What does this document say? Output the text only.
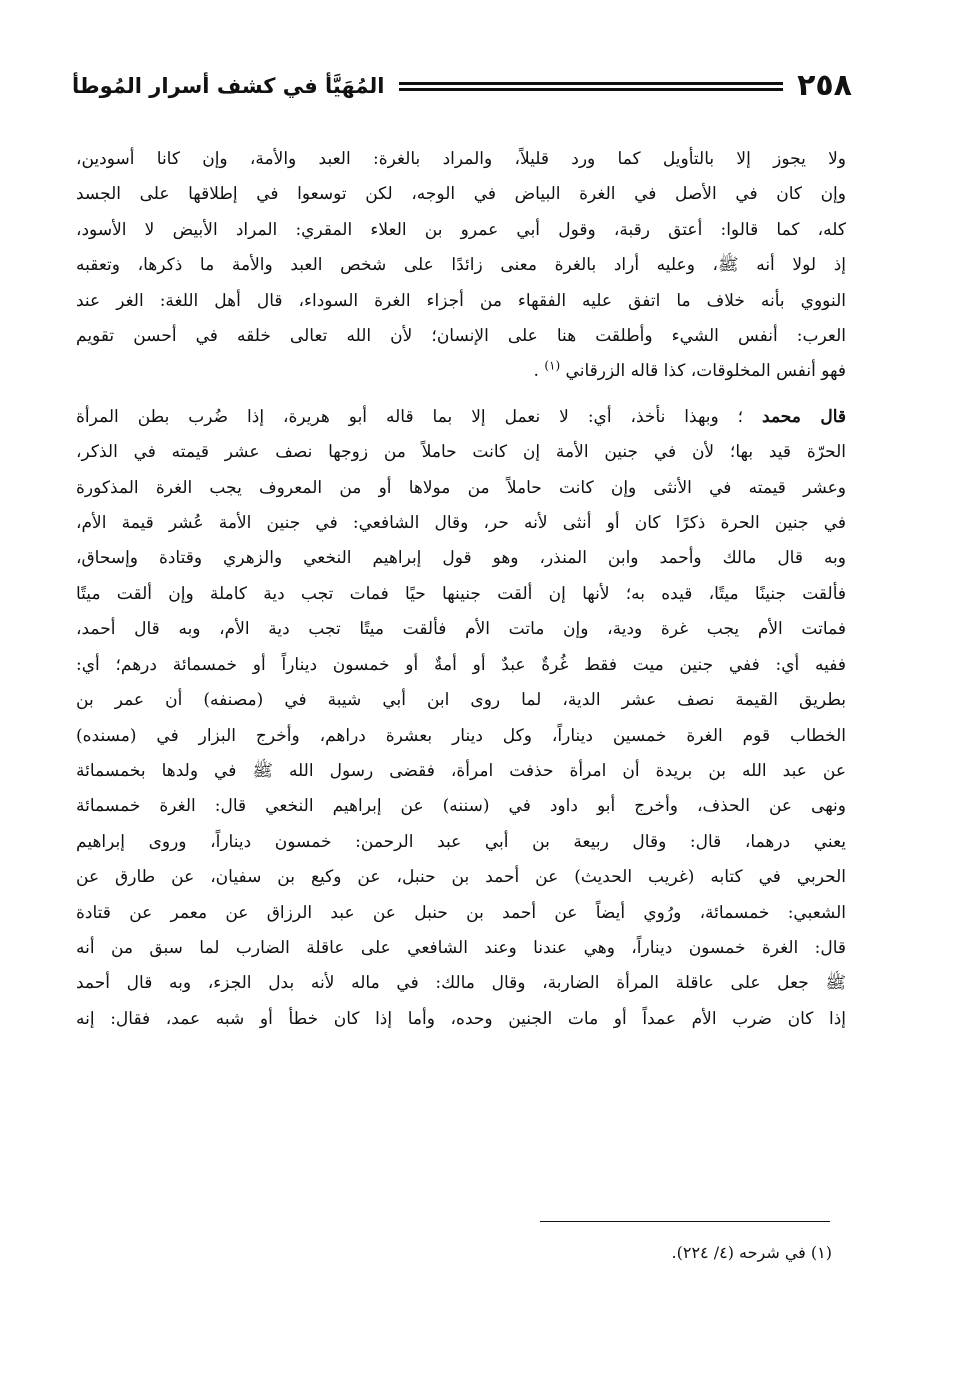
٢٥٨
المُهَيَّأ في كشف أسرار المُوطأ

ولا يجوز إلا بالتأويل كما ورد قليلاً، والمراد بالغرة: العبد والأمة، وإن كانا أسودين،

وإن كان في الأصل في الغرة البياض في الوجه، لكن توسعوا في إطلاقها على الجسد

كله، كما قالوا: أعتق رقبة، وقول أبي عمرو بن العلاء المقري: المراد الأبيض لا الأسود،

إذ لولا أنه ﷺ، وعليه أراد بالغرة معنى زائدًا على شخص العبد والأمة ما ذكرها، وتعقبه

النووي بأنه خلاف ما اتفق عليه الفقهاء من أجزاء الغرة السوداء، قال أهل اللغة: الغر عند

العرب: أنفس الشيء وأطلقت هنا على الإنسان؛ لأن الله تعالى خلقه في أحسن تقويم

فهو أنفس المخلوقات، كذا قاله الزرقاني $^{(١)}$ .

قال محمد ؛ وبهذا نأخذ، أي: لا نعمل إلا بما قاله أبو هريرة، إذا ضُرب بطن المرأة

الحرّة قيد بها؛ لأن في جنين الأمة إن كانت حاملاً من زوجها نصف عشر قيمته في الذكر،

وعشر قيمته في الأنثى وإن كانت حاملاً من مولاها أو من المعروف يجب الغرة المذكورة

في جنين الحرة ذكرًا كان أو أنثى لأنه حر، وقال الشافعي: في جنين الأمة عُشر قيمة الأم،

وبه قال مالك وأحمد وابن المنذر، وهو قول إبراهيم النخعي والزهري وقتادة وإسحاق،

فألقت جنينًا ميتًا، قيده به؛ لأنها إن ألقت جنينها حيًا فمات تجب دية كاملة وإن ألقت ميتًا

فماتت الأم يجب غرة ودية، وإن ماتت الأم فألقت ميتًا تجب دية الأم، وبه قال أحمد،

ففيه أي: ففي جنين ميت فقط غُرةٌ عبدٌ أو أمةٌ أو خمسون ديناراً أو خمسمائة درهم؛ أي:

بطريق القيمة نصف عشر الدية، لما روى ابن أبي شيبة في (مصنفه) أن عمر بن

الخطاب قوم الغرة خمسين ديناراً، وكل دينار بعشرة دراهم، وأخرج البزار في (مسنده)

عن عبد الله بن بريدة أن امرأة حذفت امرأة، فقضى رسول الله ﷺ في ولدها بخمسمائة

ونهى عن الحذف، وأخرج أبو داود في (سننه) عن إبراهيم النخعي قال: الغرة خمسمائة

يعني درهما، قال: وقال ربيعة بن أبي عبد الرحمن: خمسون ديناراً، وروى إبراهيم

الحربي في كتابه (غريب الحديث) عن أحمد بن حنبل، عن وكيع بن سفيان، عن طارق عن

الشعبي: خمسمائة، ورُوي أيضاً عن أحمد بن حنبل عن عبد الرزاق عن معمر عن قتادة

قال: الغرة خمسون ديناراً، وهي عندنا وعند الشافعي على عاقلة الضارب لما سبق من أنه

ﷺ جعل على عاقلة المرأة الضاربة، وقال مالك: في ماله لأنه بدل الجزء، وبه قال أحمد

إذا كان ضرب الأم عمداً أو مات الجنين وحده، وأما إذا كان خطأ أو شبه عمد، فقال: إنه

(١) في شرحه (٤/ ٢٢٤).
